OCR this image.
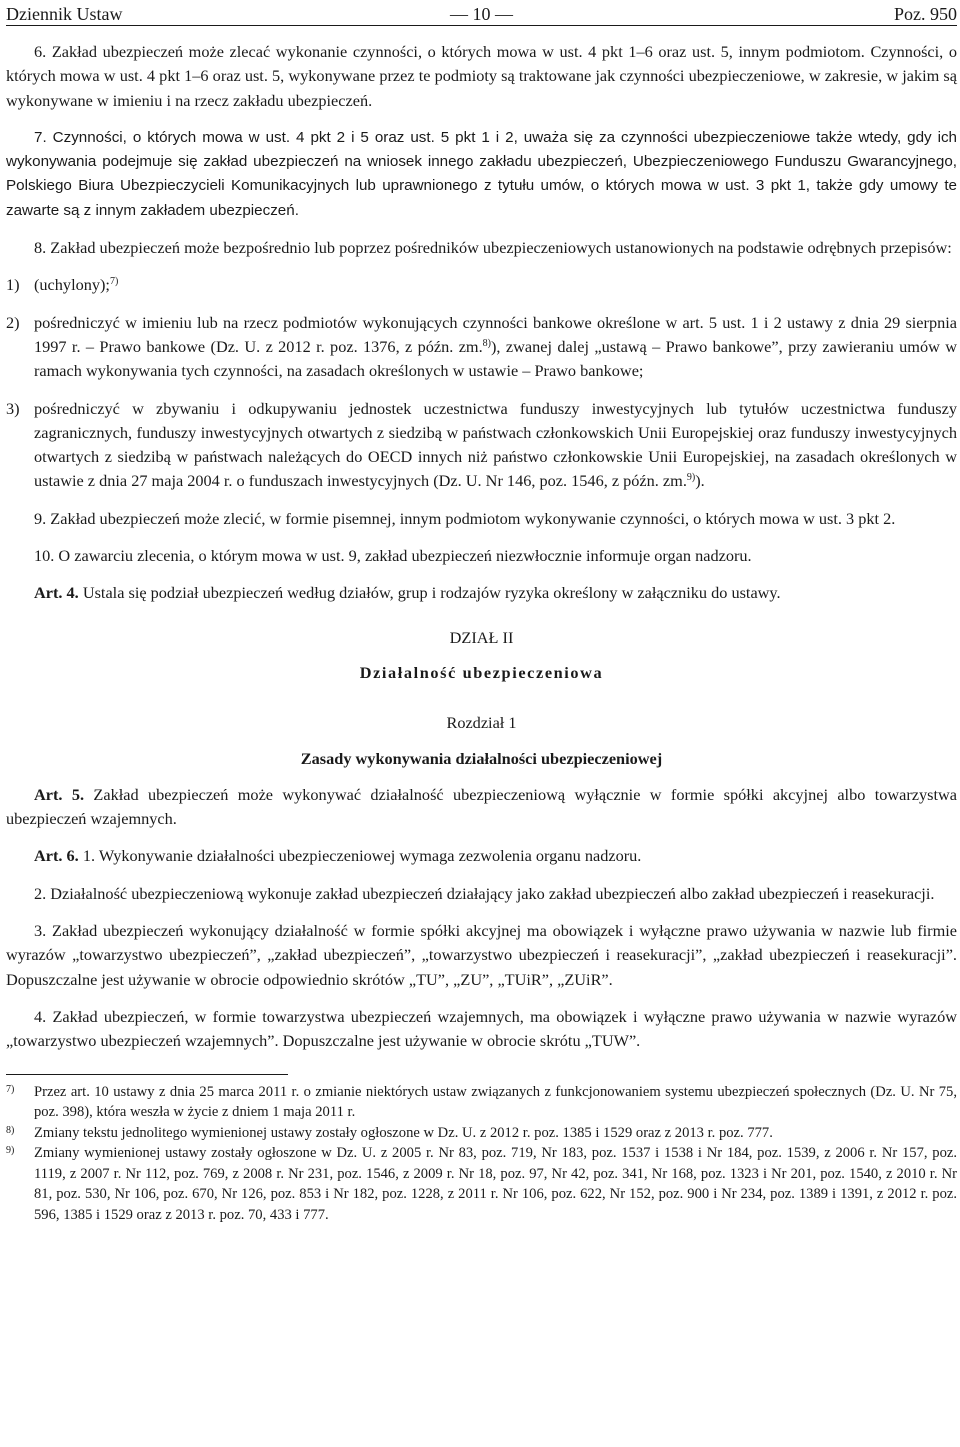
Dziennik Ustaw	— 10 —	Poz. 950

6. Zakład ubezpieczeń może zlecać wykonanie czynności, o których mowa w ust. 4 pkt 1–6 oraz ust. 5, innym podmiotom. Czynności, o których mowa w ust. 4 pkt 1–6 oraz ust. 5, wykonywane przez te podmioty są traktowane jak czynności ubezpieczeniowe, w zakresie, w jakim są wykonywane w imieniu i na rzecz zakładu ubezpieczeń.

7. Czynności, o których mowa w ust. 4 pkt 2 i 5 oraz ust. 5 pkt 1 i 2, uważa się za czynności ubezpieczeniowe także wtedy, gdy ich wykonywania podejmuje się zakład ubezpieczeń na wniosek innego zakładu ubezpieczeń, Ubezpieczeniowego Funduszu Gwarancyjnego, Polskiego Biura Ubezpieczycieli Komunikacyjnych lub uprawnionego z tytułu umów, o których mowa w ust. 3 pkt 1, także gdy umowy te zawarte są z innym zakładem ubezpieczeń.

8. Zakład ubezpieczeń może bezpośrednio lub poprzez pośredników ubezpieczeniowych ustanowionych na podstawie odrębnych przepisów:

1) (uchylony);$^{7)}$

2) pośredniczyć w imieniu lub na rzecz podmiotów wykonujących czynności bankowe określone w art. 5 ust. 1 i 2 ustawy z dnia 29 sierpnia 1997 r. – Prawo bankowe (Dz. U. z 2012 r. poz. 1376, z późn. zm.$^{8)}$), zwanej dalej „ustawą – Prawo bankowe”, przy zawieraniu umów w ramach wykonywania tych czynności, na zasadach określonych w ustawie – Prawo bankowe;

3) pośredniczyć w zbywaniu i odkupywaniu jednostek uczestnictwa funduszy inwestycyjnych lub tytułów uczestnictwa funduszy zagranicznych, funduszy inwestycyjnych otwartych z siedzibą w państwach członkowskich Unii Europejskiej oraz funduszy inwestycyjnych otwartych z siedzibą w państwach należących do OECD innych niż państwo członkowskie Unii Europejskiej, na zasadach określonych w ustawie z dnia 27 maja 2004 r. o funduszach inwestycyjnych (Dz. U. Nr 146, poz. 1546, z późn. zm.$^{9)}$).

9. Zakład ubezpieczeń może zlecić, w formie pisemnej, innym podmiotom wykonywanie czynności, o których mowa w ust. 3 pkt 2.

10. O zawarciu zlecenia, o którym mowa w ust. 9, zakład ubezpieczeń niezwłocznie informuje organ nadzoru.

Art. 4. Ustala się podział ubezpieczeń według działów, grup i rodzajów ryzyka określony w załączniku do ustawy.

DZIAŁ II

Działalność ubezpieczeniowa

Rozdział 1

Zasady wykonywania działalności ubezpieczeniowej

Art. 5. Zakład ubezpieczeń może wykonywać działalność ubezpieczeniową wyłącznie w formie spółki akcyjnej albo towarzystwa ubezpieczeń wzajemnych.

Art. 6. 1. Wykonywanie działalności ubezpieczeniowej wymaga zezwolenia organu nadzoru.

2. Działalność ubezpieczeniową wykonuje zakład ubezpieczeń działający jako zakład ubezpieczeń albo zakład ubezpieczeń i reasekuracji.

3. Zakład ubezpieczeń wykonujący działalność w formie spółki akcyjnej ma obowiązek i wyłączne prawo używania w nazwie lub firmie wyrazów „towarzystwo ubezpieczeń”, „zakład ubezpieczeń”, „towarzystwo ubezpieczeń i reasekuracji”, „zakład ubezpieczeń i reasekuracji”. Dopuszczalne jest używanie w obrocie odpowiednio skrótów „TU”, „ZU”, „TUiR”, „ZUiR”.

4. Zakład ubezpieczeń, w formie towarzystwa ubezpieczeń wzajemnych, ma obowiązek i wyłączne prawo używania w nazwie wyrazów „towarzystwo ubezpieczeń wzajemnych”. Dopuszczalne jest używanie w obrocie skrótu „TUW”.

7) Przez art. 10 ustawy z dnia 25 marca 2011 r. o zmianie niektórych ustaw związanych z funkcjonowaniem systemu ubezpieczeń społecznych (Dz. U. Nr 75, poz. 398), która weszła w życie z dniem 1 maja 2011 r.
8) Zmiany tekstu jednolitego wymienionej ustawy zostały ogłoszone w Dz. U. z 2012 r. poz. 1385 i 1529 oraz z 2013 r. poz. 777.
9) Zmiany wymienionej ustawy zostały ogłoszone w Dz. U. z 2005 r. Nr 83, poz. 719, Nr 183, poz. 1537 i 1538 i Nr 184, poz. 1539, z 2006 r. Nr 157, poz. 1119, z 2007 r. Nr 112, poz. 769, z 2008 r. Nr 231, poz. 1546, z 2009 r. Nr 18, poz. 97, Nr 42, poz. 341, Nr 168, poz. 1323 i Nr 201, poz. 1540, z 2010 r. Nr 81, poz. 530, Nr 106, poz. 670, Nr 126, poz. 853 i Nr 182, poz. 1228, z 2011 r. Nr 106, poz. 622, Nr 152, poz. 900 i Nr 234, poz. 1389 i 1391, z 2012 r. poz. 596, 1385 i 1529 oraz z 2013 r. poz. 70, 433 i 777.
